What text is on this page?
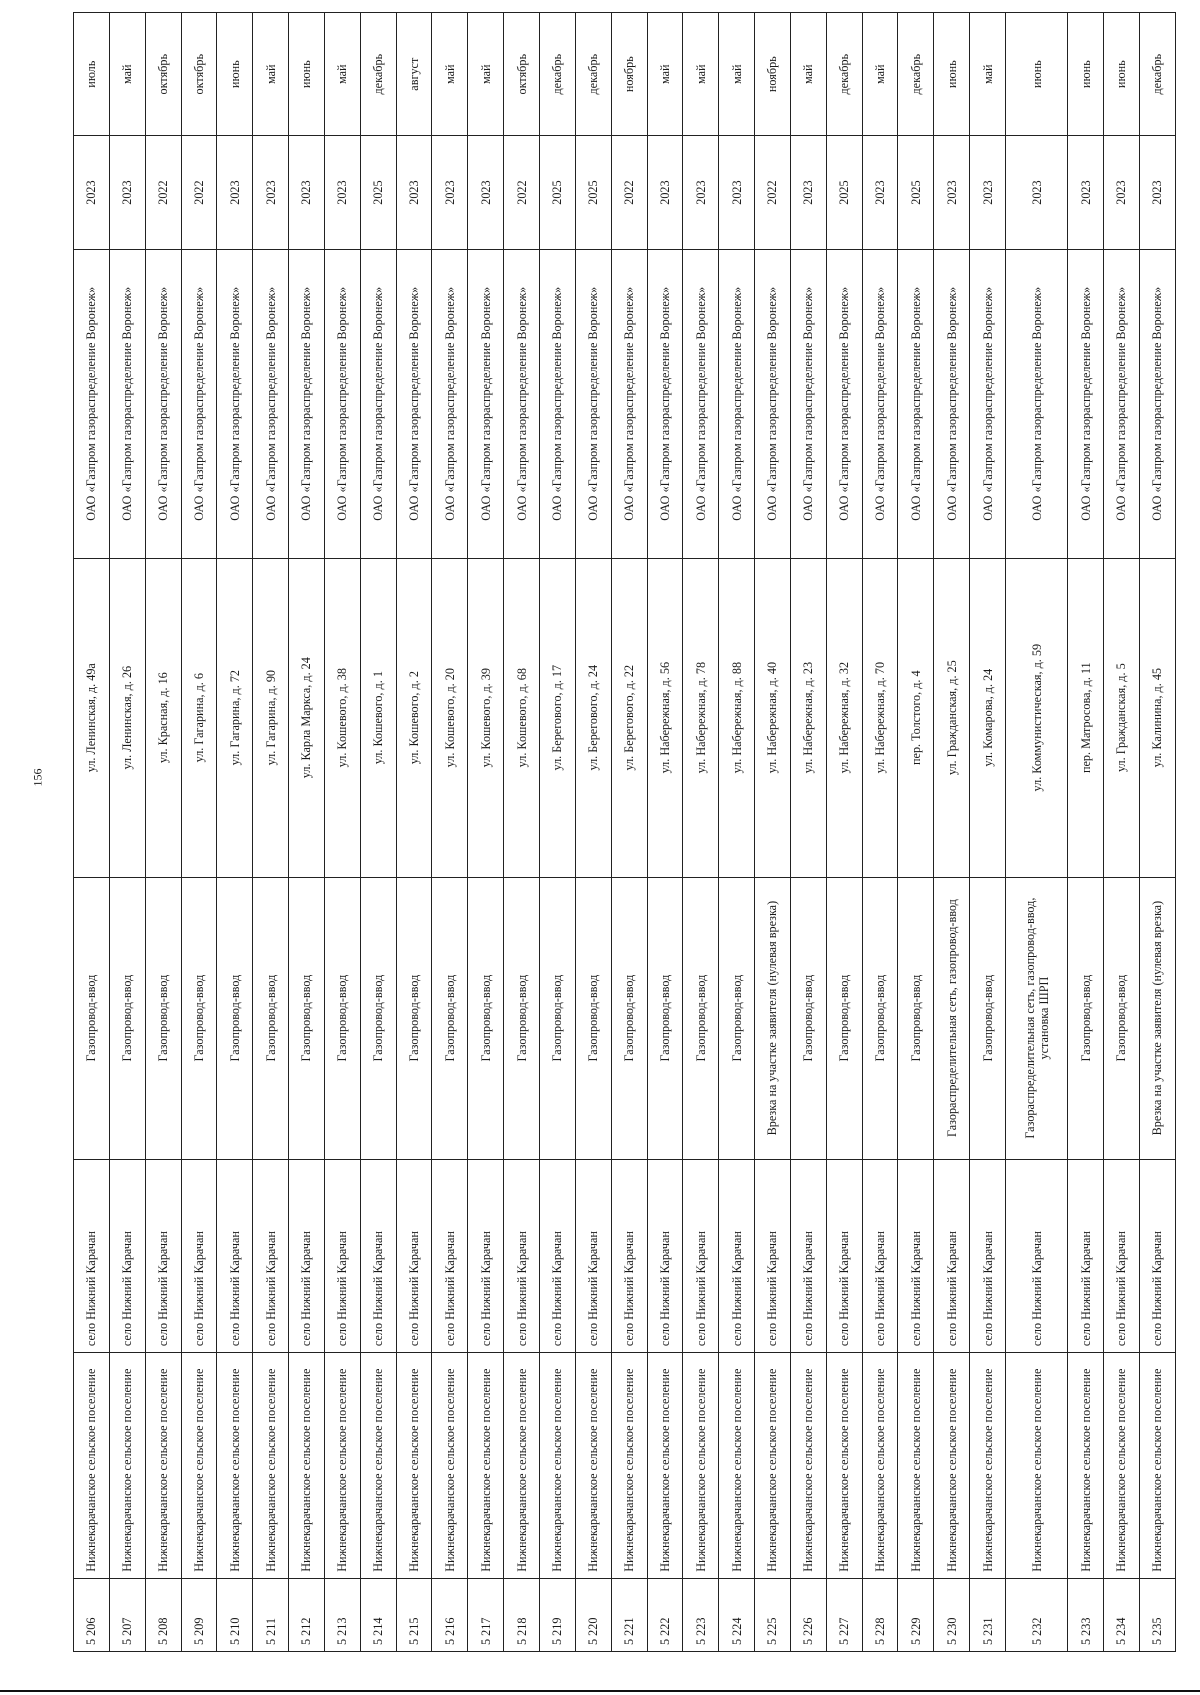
156
5 206	Нижнекарачанское сельское поселение	село Нижний Карачан	Газопровод-ввод	ул. Ленинская, д. 49а	ОАО «Газпром газораспределение Воронеж»	2023	июль
5 207	Нижнекарачанское сельское поселение	село Нижний Карачан	Газопровод-ввод	ул. Ленинская, д. 26	ОАО «Газпром газораспределение Воронеж»	2023	май
5 208	Нижнекарачанское сельское поселение	село Нижний Карачан	Газопровод-ввод	ул. Красная, д. 16	ОАО «Газпром газораспределение Воронеж»	2022	октябрь
5 209	Нижнекарачанское сельское поселение	село Нижний Карачан	Газопровод-ввод	ул. Гагарина, д. 6	ОАО «Газпром газораспределение Воронеж»	2022	октябрь
5 210	Нижнекарачанское сельское поселение	село Нижний Карачан	Газопровод-ввод	ул. Гагарина, д. 72	ОАО «Газпром газораспределение Воронеж»	2023	июнь
5 211	Нижнекарачанское сельское поселение	село Нижний Карачан	Газопровод-ввод	ул. Гагарина, д. 90	ОАО «Газпром газораспределение Воронеж»	2023	май
5 212	Нижнекарачанское сельское поселение	село Нижний Карачан	Газопровод-ввод	ул. Карла Маркса, д. 24	ОАО «Газпром газораспределение Воронеж»	2023	июнь
5 213	Нижнекарачанское сельское поселение	село Нижний Карачан	Газопровод-ввод	ул. Кошевого, д. 38	ОАО «Газпром газораспределение Воронеж»	2023	май
5 214	Нижнекарачанское сельское поселение	село Нижний Карачан	Газопровод-ввод	ул. Кошевого, д. 1	ОАО «Газпром газораспределение Воронеж»	2025	декабрь
5 215	Нижнекарачанское сельское поселение	село Нижний Карачан	Газопровод-ввод	ул. Кошевого, д. 2	ОАО «Газпром газораспределение Воронеж»	2023	август
5 216	Нижнекарачанское сельское поселение	село Нижний Карачан	Газопровод-ввод	ул. Кошевого, д. 20	ОАО «Газпром газораспределение Воронеж»	2023	май
5 217	Нижнекарачанское сельское поселение	село Нижний Карачан	Газопровод-ввод	ул. Кошевого, д. 39	ОАО «Газпром газораспределение Воронеж»	2023	май
5 218	Нижнекарачанское сельское поселение	село Нижний Карачан	Газопровод-ввод	ул. Кошевого, д. 68	ОАО «Газпром газораспределение Воронеж»	2022	октябрь
5 219	Нижнекарачанское сельское поселение	село Нижний Карачан	Газопровод-ввод	ул. Берегового, д. 17	ОАО «Газпром газораспределение Воронеж»	2025	декабрь
5 220	Нижнекарачанское сельское поселение	село Нижний Карачан	Газопровод-ввод	ул. Берегового, д. 24	ОАО «Газпром газораспределение Воронеж»	2025	декабрь
5 221	Нижнекарачанское сельское поселение	село Нижний Карачан	Газопровод-ввод	ул. Берегового, д. 22	ОАО «Газпром газораспределение Воронеж»	2022	ноябрь
5 222	Нижнекарачанское сельское поселение	село Нижний Карачан	Газопровод-ввод	ул. Набережная, д. 56	ОАО «Газпром газораспределение Воронеж»	2023	май
5 223	Нижнекарачанское сельское поселение	село Нижний Карачан	Газопровод-ввод	ул. Набережная, д. 78	ОАО «Газпром газораспределение Воронеж»	2023	май
5 224	Нижнекарачанское сельское поселение	село Нижний Карачан	Газопровод-ввод	ул. Набережная, д. 88	ОАО «Газпром газораспределение Воронеж»	2023	май
5 225	Нижнекарачанское сельское поселение	село Нижний Карачан	Врезка на участке заявителя (нулевая врезка)	ул. Набережная, д. 40	ОАО «Газпром газораспределение Воронеж»	2022	ноябрь
5 226	Нижнекарачанское сельское поселение	село Нижний Карачан	Газопровод-ввод	ул. Набережная, д. 23	ОАО «Газпром газораспределение Воронеж»	2023	май
5 227	Нижнекарачанское сельское поселение	село Нижний Карачан	Газопровод-ввод	ул. Набережная, д. 32	ОАО «Газпром газораспределение Воронеж»	2025	декабрь
5 228	Нижнекарачанское сельское поселение	село Нижний Карачан	Газопровод-ввод	ул. Набережная, д. 70	ОАО «Газпром газораспределение Воронеж»	2023	май
5 229	Нижнекарачанское сельское поселение	село Нижний Карачан	Газопровод-ввод	пер. Толстого, д. 4	ОАО «Газпром газораспределение Воронеж»	2025	декабрь
5 230	Нижнекарачанское сельское поселение	село Нижний Карачан	Газораспределительная сеть, газопровод-ввод	ул. Гражданская, д. 25	ОАО «Газпром газораспределение Воронеж»	2023	июнь
5 231	Нижнекарачанское сельское поселение	село Нижний Карачан	Газопровод-ввод	ул. Комарова, д. 24	ОАО «Газпром газораспределение Воронеж»	2023	май
5 232	Нижнекарачанское сельское поселение	село Нижний Карачан	Газораспределительная сеть, газопровод-ввод, установка ШРП	ул. Коммунистическая, д. 59	ОАО «Газпром газораспределение Воронеж»	2023	июнь
5 233	Нижнекарачанское сельское поселение	село Нижний Карачан	Газопровод-ввод	пер. Матросова, д. 11	ОАО «Газпром газораспределение Воронеж»	2023	июнь
5 234	Нижнекарачанское сельское поселение	село Нижний Карачан	Газопровод-ввод	ул. Гражданская, д. 5	ОАО «Газпром газораспределение Воронеж»	2023	июнь
5 235	Нижнекарачанское сельское поселение	село Нижний Карачан	Врезка на участке заявителя (нулевая врезка)	ул. Калинина, д. 45	ОАО «Газпром газораспределение Воронеж»	2023	декабрь
